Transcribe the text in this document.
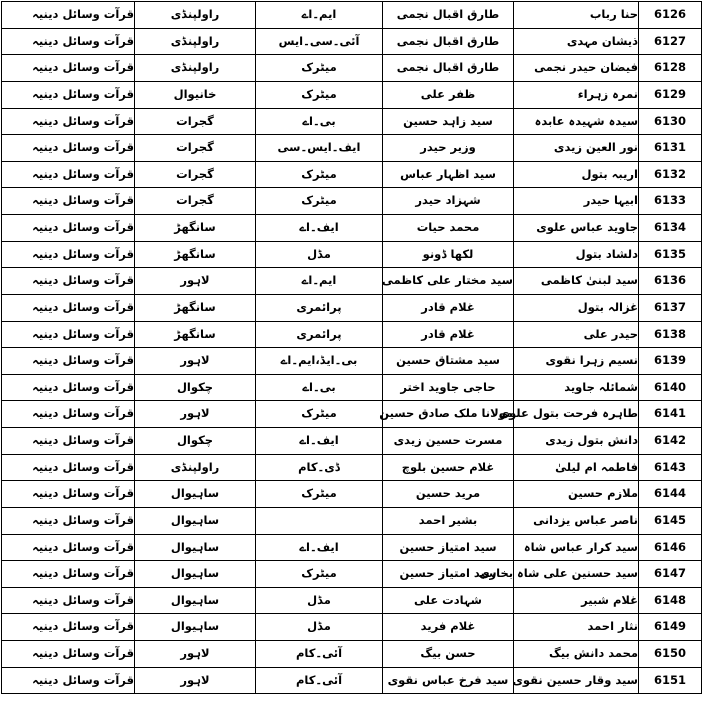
قرآت وسائل دینیہ	راولپنڈی	ایم۔اے	طارق اقبال نجمی	حنا رباب	6126
قرآت وسائل دینیہ	راولپنڈی	آئی۔سی۔ایس	طارق اقبال نجمی	ذیشان مہدی	6127
قرآت وسائل دینیہ	راولپنڈی	میٹرک	طارق اقبال نجمی	فیضان حیدر نجمی	6128
قرآت وسائل دینیہ	خانیوال	میٹرک	ظفر علی	نمرہ زہراء	6129
قرآت وسائل دینیہ	گجرات	بی۔اے	سید زاہد حسین	سیدہ شہیدہ عابدہ	6130
قرآت وسائل دینیہ	گجرات	ایف۔ایس۔سی	وزیر حیدر	نور العین زیدی	6131
قرآت وسائل دینیہ	گجرات	میٹرک	سید اظہار عباس	اریبہ بتول	6132
قرآت وسائل دینیہ	گجرات	میٹرک	شہزاد حیدر	ابیہا حیدر	6133
قرآت وسائل دینیہ	سانگھڑ	ایف۔اے	محمد حیات	جاوید عباس علوی	6134
قرآت وسائل دینیہ	سانگھڑ	مڈل	لکھا ڈونو	دلشاد بتول	6135
قرآت وسائل دینیہ	لاہور	ایم۔اے	سید مختار علی کاظمی	سید لبنیٰ کاظمی	6136
قرآت وسائل دینیہ	سانگھڑ	پرائمری	غلام قادر	غزالہ بتول	6137
قرآت وسائل دینیہ	سانگھڑ	پرائمری	غلام قادر	حیدر علی	6138
قرآت وسائل دینیہ	لاہور	بی۔ایڈ،ایم۔اے	سید مشتاق حسین	نسیم زہرا نقوی	6139
قرآت وسائل دینیہ	چکوال	بی۔اے	حاجی جاوید اختر	شمائلہ جاوید	6140
قرآت وسائل دینیہ	لاہور	میٹرک	مولانا ملک صادق حسین	طاہرہ فرحت بتول علوی	6141
قرآت وسائل دینیہ	چکوال	ایف۔اے	مسرت حسین زیدی	دانش بتول زیدی	6142
قرآت وسائل دینیہ	راولپنڈی	ڈی۔کام	غلام حسین بلوچ	فاطمہ ام لیلیٰ	6143
قرآت وسائل دینیہ	ساہیوال	میٹرک	مرید حسین	ملازم حسین	6144
قرآت وسائل دینیہ	ساہیوال		بشیر احمد	ناصر عباس یزدانی	6145
قرآت وسائل دینیہ	ساہیوال	ایف۔اے	سید امتیاز حسین	سید کرار عباس شاہ	6146
قرآت وسائل دینیہ	ساہیوال	میٹرک	سید امتیاز حسین	سید حسنین علی شاہ بخاری	6147
قرآت وسائل دینیہ	ساہیوال	مڈل	شہادت علی	غلام شبیر	6148
قرآت وسائل دینیہ	ساہیوال	مڈل	غلام فرید	نثار احمد	6149
قرآت وسائل دینیہ	لاہور	آئی۔کام	حسن بیگ	محمد دانش بیگ	6150
قرآت وسائل دینیہ	لاہور	آئی۔کام	سید فرخ عباس نقوی	سید وقار حسین نقوی	6151
